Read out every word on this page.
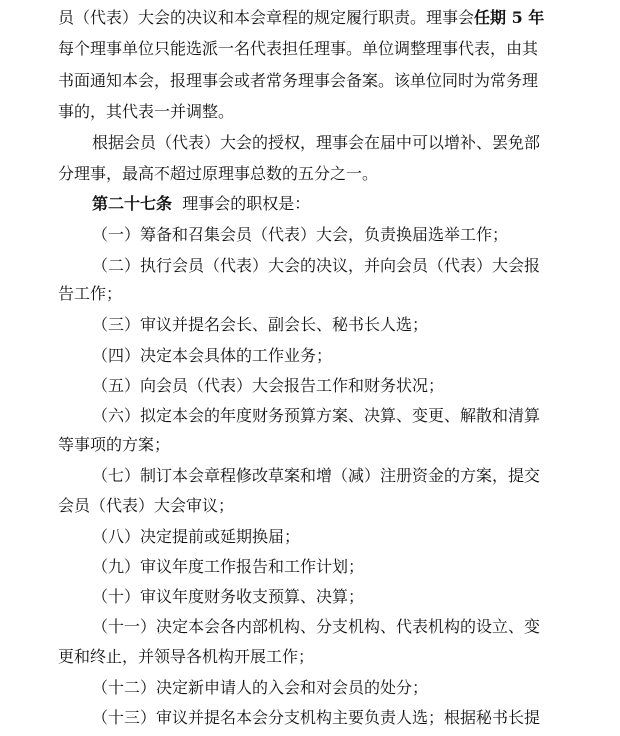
员（代表）大会的决议和本会章程的规定履行职责。理事会任期 5 年
每个理事单位只能选派一名代表担任理事。单位调整理事代表，由其
书面通知本会，报理事会或者常务理事会备案。该单位同时为常务理
事的，其代表一并调整。
根据会员（代表）大会的授权，理事会在届中可以增补、罢免部
分理事，最高不超过原理事总数的五分之一。
第二十七条 理事会的职权是：
（一）筹备和召集会员（代表）大会，负责换届选举工作；
（二）执行会员（代表）大会的决议，并向会员（代表）大会报
告工作；
（三）审议并提名会长、副会长、秘书长人选；
（四）决定本会具体的工作业务；
（五）向会员（代表）大会报告工作和财务状况；
（六）拟定本会的年度财务预算方案、决算、变更、解散和清算
等事项的方案；
（七）制订本会章程修改草案和增（减）注册资金的方案，提交
会员（代表）大会审议；
（八）决定提前或延期换届；
（九）审议年度工作报告和工作计划；
（十）审议年度财务收支预算、决算；
（十一）决定本会各内部机构、分支机构、代表机构的设立、变
更和终止，并领导各机构开展工作；
（十二）决定新申请人的入会和对会员的处分；
（十三）审议并提名本会分支机构主要负责人选；根据秘书长提
